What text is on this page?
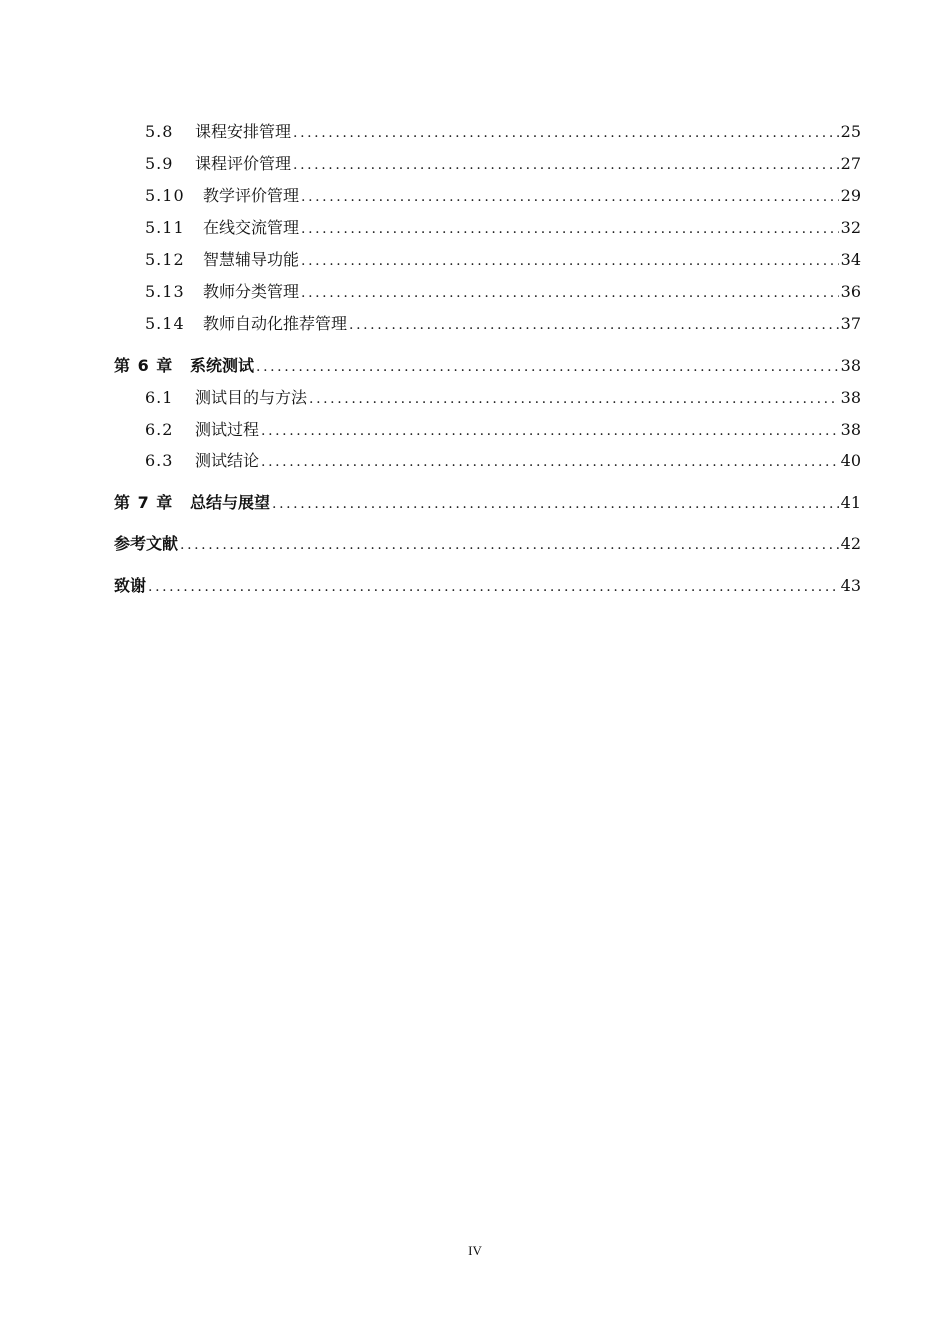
5.8	课程安排管理 .....	25
5.9	课程评价管理 .....	27
5.10	教学评价管理 .....	29
5.11	在线交流管理 .....	32
5.12	智慧辅导功能 .....	34
5.13	教师分类管理 .....	36
5.14	教师自动化推荐管理 .....	37
第 6 章	系统测试 .....	38
6.1	测试目的与方法 .....	38
6.2	测试过程 .....	38
6.3	测试结论 .....	40
第 7 章	总结与展望 .....	41
参考文献 .....	42
致谢 .....	43
IV
